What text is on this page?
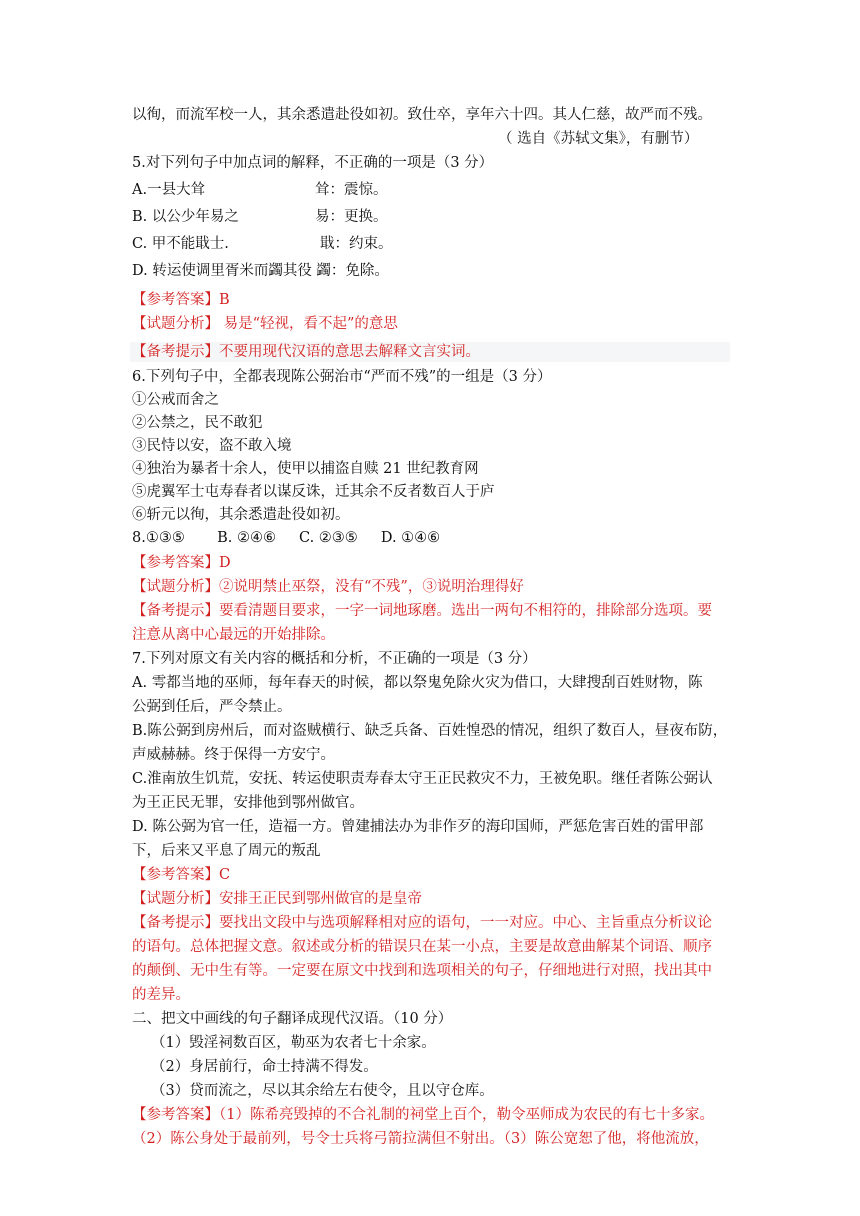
以徇，而流军校一人，其余悉遣赴役如初。致仕卒，享年六十四。其人仁慈，故严而不残。
（ 选自《苏轼文集》，有删节）
5.对下列句子中加点词的解释，不正确的一项是（3 分）
A.一县大耸	耸：震惊。
B. 以公少年易之	易：更换。
C. 甲不能戢士.	戢：约束。
D. 转运使调里胥米而蠲其役 蠲：免除。
【参考答案】B
【试题分析】 易是“轻视，看不起”的意思
【备考提示】不要用现代汉语的意思去解释文言实词。
6.下列句子中，全都表现陈公弼治市“严而不残”的一组是（3 分）
①公戒而舍之
②公禁之，民不敢犯
③民恃以安，盗不敢入境
④独治为暴者十余人，使甲以捕盗自赎 21 世纪教育网
⑤虎翼军士屯寿春者以谋反诛，迁其余不反者数百人于庐
⑥斩元以徇，其余悉遣赴役如初。
8.①③⑤       B. ②④⑥     C. ②③⑤     D. ①④⑥
【参考答案】D
【试题分析】②说明禁止巫祭，没有“不残”，③说明治理得好
【备考提示】要看清题目要求，一字一词地琢磨。选出一两句不相符的，排除部分选项。要
注意从离中心最远的开始排除。
7.下列对原文有关内容的概括和分析，不正确的一项是（3 分）
A. 雩都当地的巫师，每年春天的时候，都以祭鬼免除火灾为借口，大肆搜刮百姓财物，陈
公弼到任后，严令禁止。
B.陈公弼到房州后，而对盗贼横行、缺乏兵备、百姓惶恐的情况，组织了数百人，昼夜布防，
声威赫赫。终于保得一方安宁。
C.淮南放生饥荒，安抚、转运使职责寿春太守王正民救灾不力，王被免职。继任者陈公弼认
为王正民无罪，安排他到鄂州做官。
D. 陈公弼为官一任，造福一方。曾建捕法办为非作歹的海印国师，严惩危害百姓的雷甲部
下，后来又平息了周元的叛乱
【参考答案】C
【试题分析】安排王正民到鄂州做官的是皇帝
【备考提示】要找出文段中与选项解释相对应的语句，一一对应。中心、主旨重点分析议论
的语句。总体把握文意。叙述或分析的错误只在某一小点，主要是故意曲解某个词语、顺序
的颠倒、无中生有等。一定要在原文中找到和选项相关的句子，仔细地进行对照，找出其中
的差异。
二、把文中画线的句子翻译成现代汉语。（10 分）
（1）毁淫祠数百区，勒巫为农者七十余家。
（2）身居前行，命士持满不得发。
（3）贷而流之，尽以其余给左右使令，且以守仓库。
【参考答案】（1）陈希亮毁掉的不合礼制的祠堂上百个，勒令巫师成为农民的有七十多家。
（2）陈公身处于最前列，号令士兵将弓箭拉满但不射出。（3）陈公宽恕了他，将他流放，
